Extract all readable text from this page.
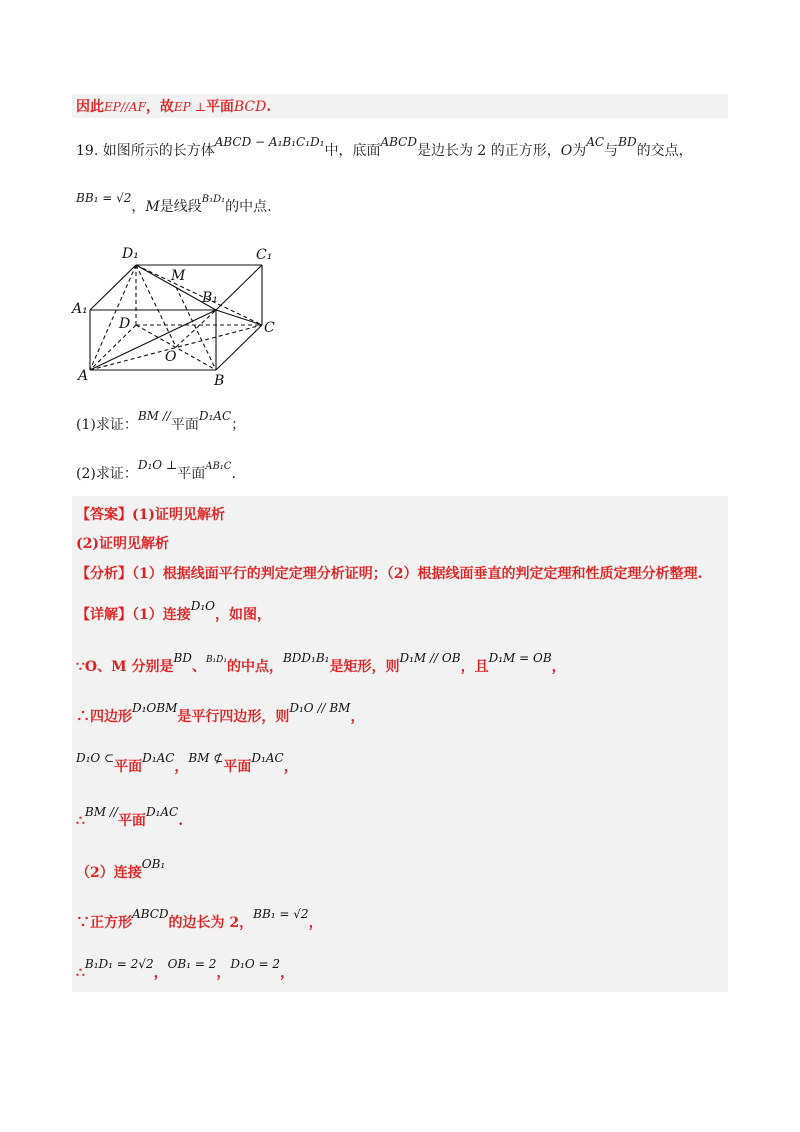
因此EP//AF，故EP ⊥平面BCD.
19. 如图所示的长方体ABCD − A₁B₁C₁D₁中，底面ABCD是边长为 2 的正方形，O为AC与BD的交点，
BB₁ = √2，M是线段$^{B_1D_1}$的中点.
D₁	C₁
M
B₁
A₁
D	C
O
A	B
(1)求证：BM //平面D₁AC；
(2)求证：D₁O ⊥平面$^{AB_1C}$.
【答案】(1)证明见解析
(2)证明见解析
【分析】（1）根据线面平行的判定定理分析证明；（2）根据线面垂直的判定定理和性质定理分析整理.
【详解】（1）连接D₁O，如图，
∵O、M 分别是BD、$^{B_1D_1}$的中点，BDD₁B₁是矩形，则D₁M // OB，且D₁M = OB，
∴四边形D₁OBM是平行四边形，则D₁O // BM，
D₁O ⊂平面D₁AC，BM ⊄平面D₁AC，
∴BM //平面D₁AC.
（2）连接OB₁
∵正方形ABCD的边长为 2，BB₁ = √2，
∴B₁D₁ = 2√2，OB₁ = 2，D₁O = 2，
